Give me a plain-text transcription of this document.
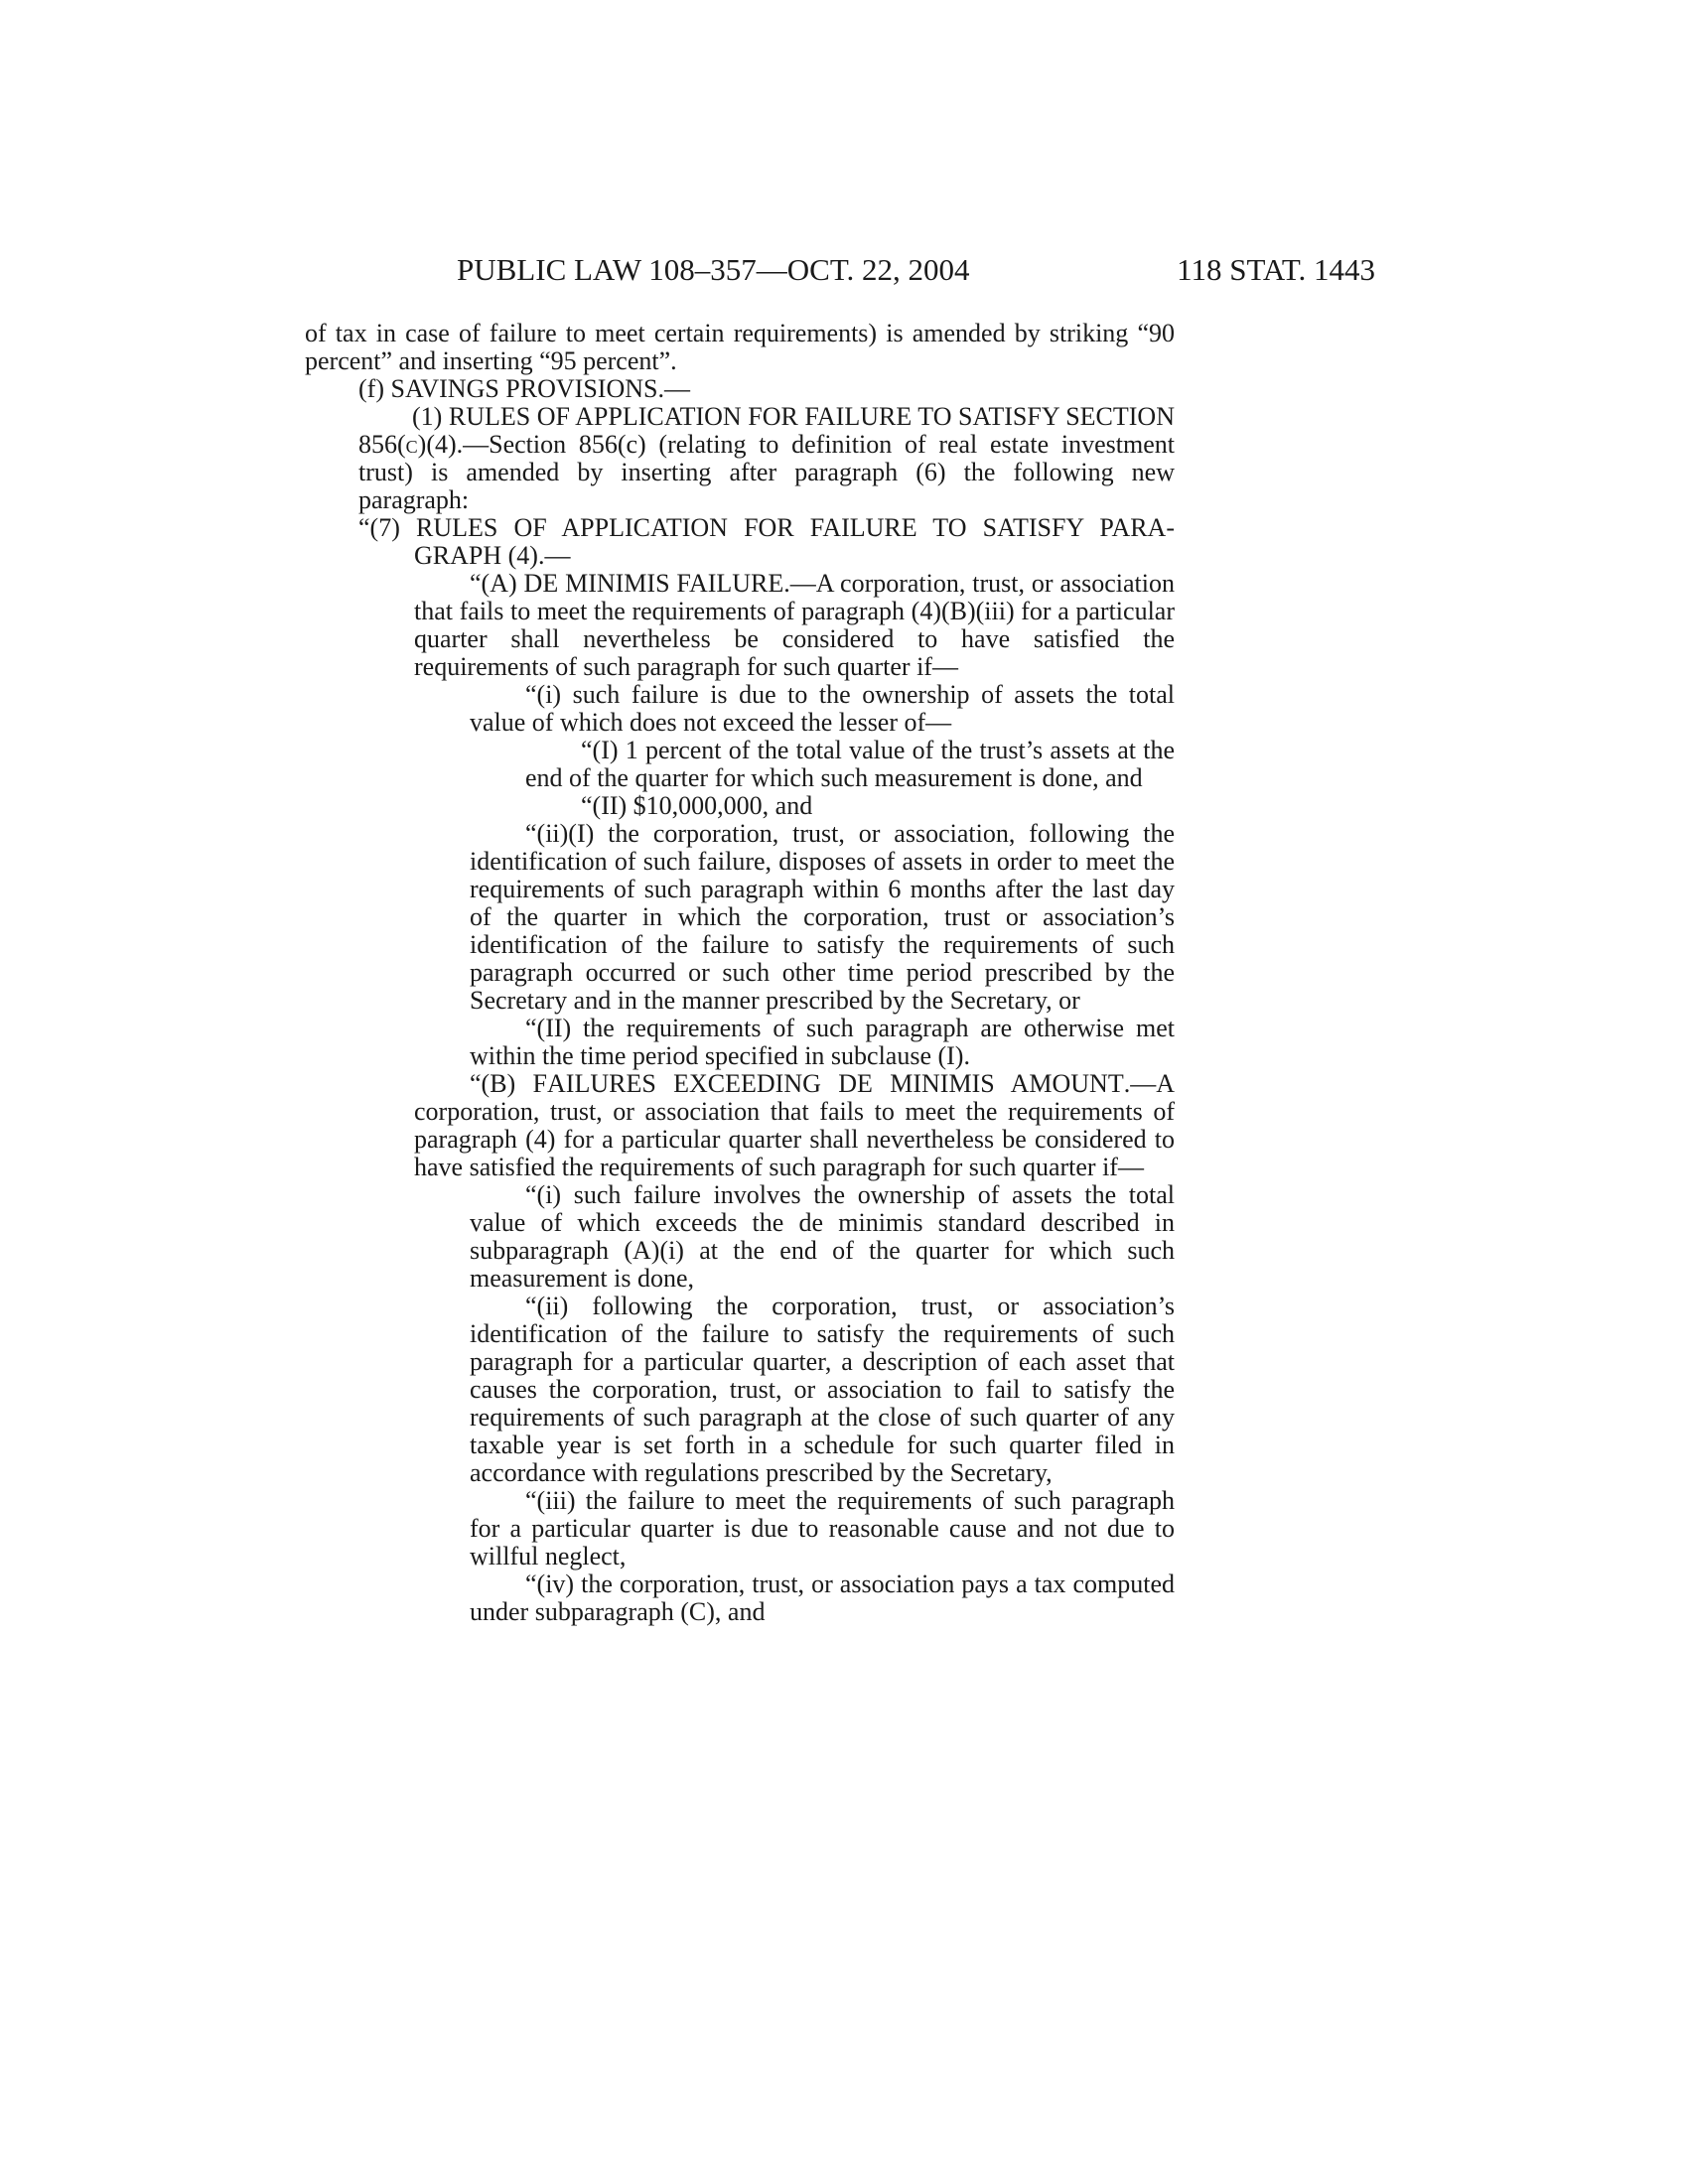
PUBLIC LAW 108–357—OCT. 22, 2004	118 STAT. 1443

of tax in case of failure to meet certain requirements) is amended by striking “90 percent” and inserting “95 percent”.

(f) SAVINGS PROVISIONS.—

(1) RULES OF APPLICATION FOR FAILURE TO SATISFY SECTION 856(c)(4).—Section 856(c) (relating to definition of real estate investment trust) is amended by inserting after paragraph (6) the following new paragraph:

“(7) RULES OF APPLICATION FOR FAILURE TO SATISFY PARA- GRAPH (4).—

“(A) DE MINIMIS FAILURE.—A corporation, trust, or association that fails to meet the requirements of paragraph (4)(B)(iii) for a particular quarter shall nevertheless be considered to have satisfied the requirements of such paragraph for such quarter if—

“(i) such failure is due to the ownership of assets the total value of which does not exceed the lesser of—

“(I) 1 percent of the total value of the trust’s assets at the end of the quarter for which such measurement is done, and

“(II) $10,000,000, and

“(ii)(I) the corporation, trust, or association, following the identification of such failure, disposes of assets in order to meet the requirements of such paragraph within 6 months after the last day of the quarter in which the corporation, trust or association’s identification of the failure to satisfy the requirements of such paragraph occurred or such other time period prescribed by the Secretary and in the manner prescribed by the Secretary, or

“(II) the requirements of such paragraph are otherwise met within the time period specified in subclause (I).

“(B) FAILURES EXCEEDING DE MINIMIS AMOUNT.—A corporation, trust, or association that fails to meet the requirements of paragraph (4) for a particular quarter shall nevertheless be considered to have satisfied the requirements of such paragraph for such quarter if—

“(i) such failure involves the ownership of assets the total value of which exceeds the de minimis standard described in subparagraph (A)(i) at the end of the quarter for which such measurement is done,

“(ii) following the corporation, trust, or association’s identification of the failure to satisfy the requirements of such paragraph for a particular quarter, a description of each asset that causes the corporation, trust, or association to fail to satisfy the requirements of such paragraph at the close of such quarter of any taxable year is set forth in a schedule for such quarter filed in accordance with regulations prescribed by the Secretary,

“(iii) the failure to meet the requirements of such paragraph for a particular quarter is due to reasonable cause and not due to willful neglect,

“(iv) the corporation, trust, or association pays a tax computed under subparagraph (C), and
